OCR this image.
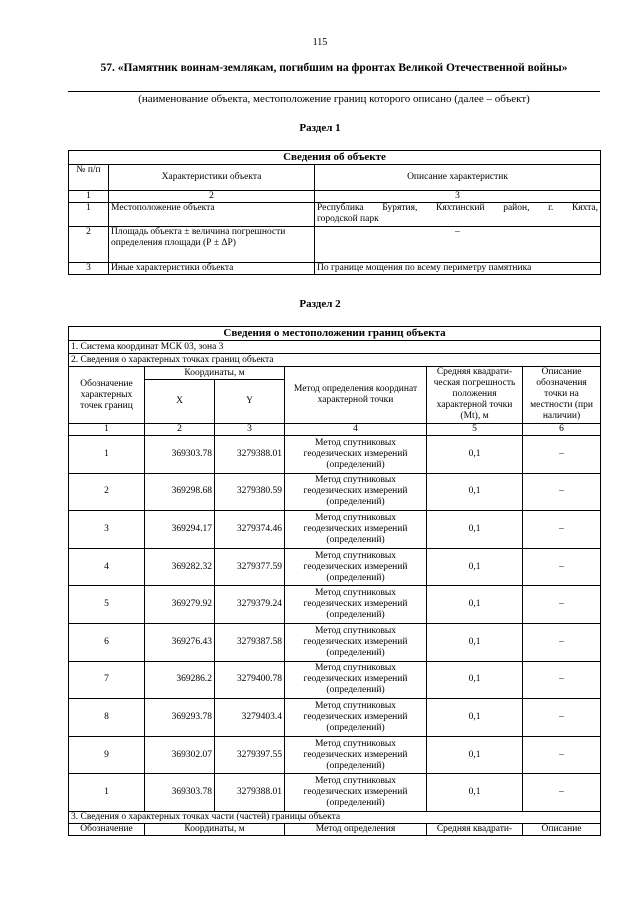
115
57. «Памятник воинам-землякам, погибшим на фронтах Великой Отечественной войны»
(наименование объекта, местоположение границ которого описано (далее – объект)
Раздел 1
Сведения об объекте		
№ п/п	Характеристики объекта	Описание характеристик
1	2	3
1	Местоположение объекта	Республика Бурятия, Кяхтинский район, г. Кяхта,
городской парк

2	Площадь объекта ± величина погрешности определения площади (Р ± ΔР)	–
3	Иные характеристики объекта	По границе мощения по всему периметру памятника
Раздел 2
Сведения о местоположении границ объекта					
1. Система координат МСК 03, зона 3					
2. Сведения о характерных точках границ объекта					
Обозначение характерных точек границ	Координаты, м		Метод определения координат характерной точки	Средняя квадрати-ческая погрешность положения характерной точки (Mt), м	Описание обозначения точки на местности (при наличии)
	X	Y			
1	2	3	4	5	6
1	369303.78	3279388.01	Метод спутниковых геодезических измерений (определений)	0,1	–
2	369298.68	3279380.59	Метод спутниковых геодезических измерений (определений)	0,1	–
3	369294.17	3279374.46	Метод спутниковых геодезических измерений (определений)	0,1	–
4	369282.32	3279377.59	Метод спутниковых геодезических измерений (определений)	0,1	–
5	369279.92	3279379.24	Метод спутниковых геодезических измерений (определений)	0,1	–
6	369276.43	3279387.58	Метод спутниковых геодезических измерений (определений)	0,1	–
7	369286.2	3279400.78	Метод спутниковых геодезических измерений (определений)	0,1	–
8	369293.78	3279403.4	Метод спутниковых геодезических измерений (определений)	0,1	–
9	369302.07	3279397.55	Метод спутниковых геодезических измерений (определений)	0,1	–
1	369303.78	3279388.01	Метод спутниковых геодезических измерений (определений)	0,1	–
3. Сведения о характерных точках части (частей) границы объекта					
Обозначение	Координаты, м		Метод определения	Средняя квадрати-	Описание
